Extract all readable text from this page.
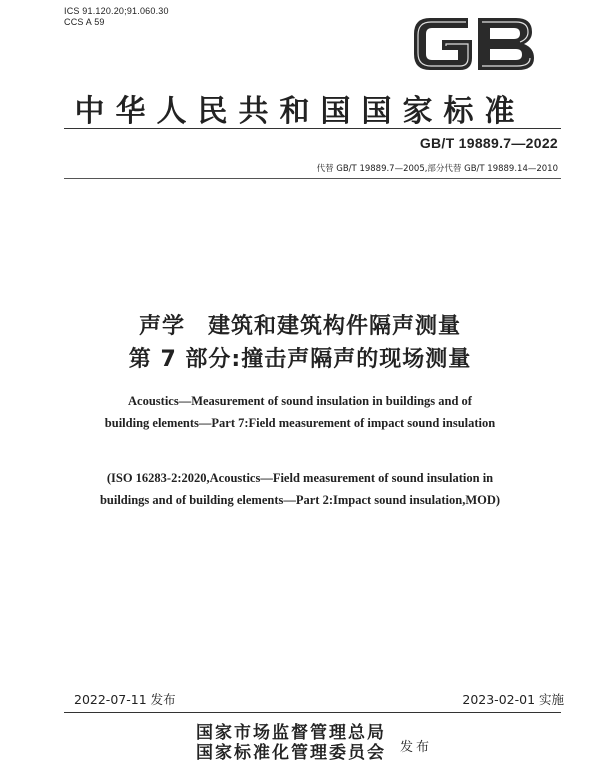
ICS 91.120.20;91.060.30
CCS A 59
中华人民共和国国家标准
GB/T 19889.7—2022
代替 GB/T 19889.7—2005,部分代替 GB/T 19889.14—2010
声学　建筑和建筑构件隔声测量
第 7 部分:撞击声隔声的现场测量
Acoustics—Measurement of sound insulation in buildings and of
building elements—Part 7:Field measurement of impact sound insulation
(ISO 16283-2:2020,Acoustics—Field measurement of sound insulation in
buildings and of building elements—Part 2:Impact sound insulation,MOD)
2022-07-11 发布	2023-02-01 实施
国家市场监督管理总局
国家标准化管理委员会 发布
